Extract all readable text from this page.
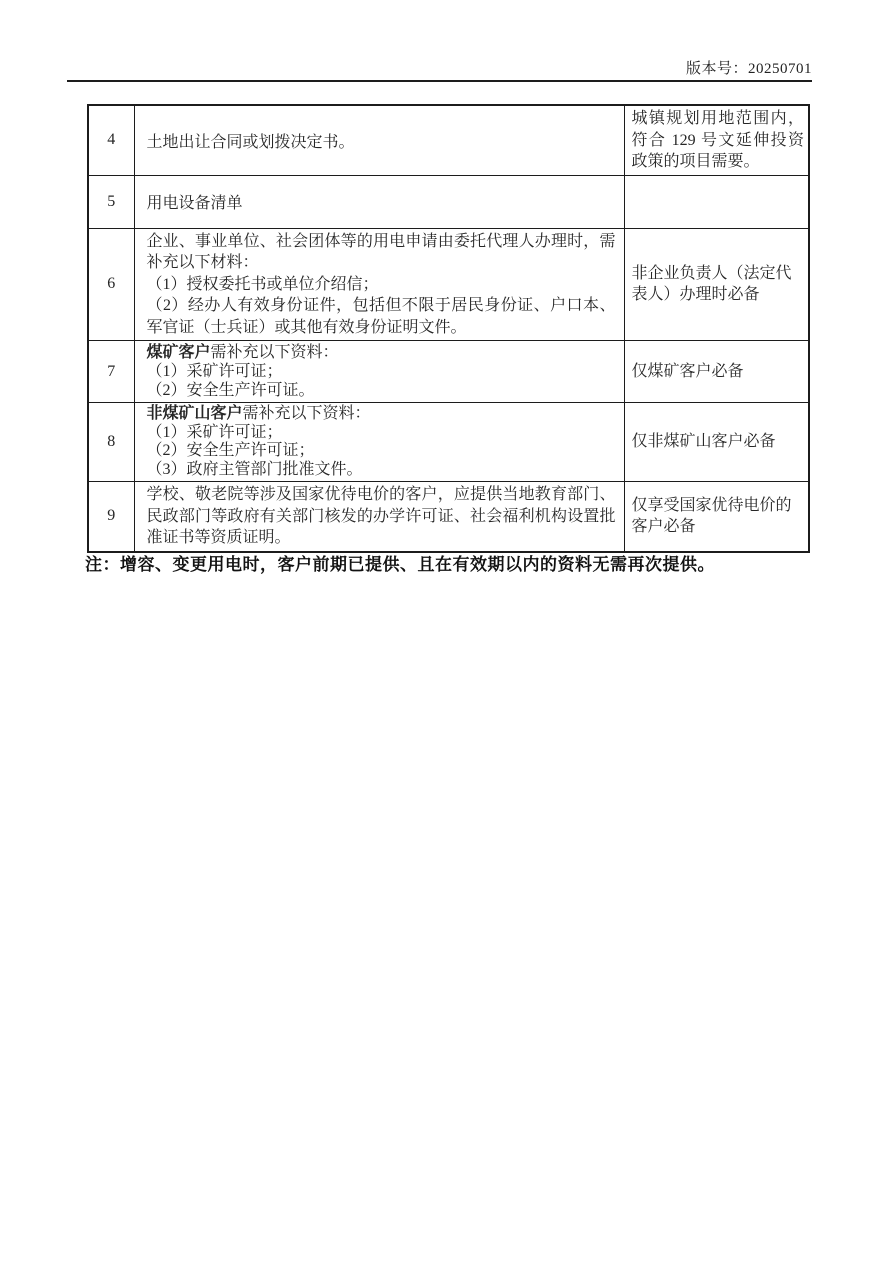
版本号：20250701
4	土地出让合同或划拨决定书。	城镇规划用地范围内，符合 129 号文延伸投资政策的项目需要。

5	用电设备清单	

6	企业、事业单位、社会团体等的用电申请由委托代理人办理时，需补充以下材料：

（1）授权委托书或单位介绍信；

（2）经办人有效身份证件，包括但不限于居民身份证、户口本、军官证（士兵证）或其他有效身份证明文件。	非企业负责人（法定代表人）办理时必备

7	煤矿客户需补充以下资料：

（1）采矿许可证；

（2）安全生产许可证。	仅煤矿客户必备

8	非煤矿山客户需补充以下资料：

（1）采矿许可证；

（2）安全生产许可证；

（3）政府主管部门批准文件。	仅非煤矿山客户必备

9	学校、敬老院等涉及国家优待电价的客户，应提供当地教育部门、民政部门等政府有关部门核发的办学许可证、社会福利机构设置批准证书等资质证明。	仅享受国家优待电价的客户必备

注：增容、变更用电时，客户前期已提供、且在有效期以内的资料无需再次提供。
